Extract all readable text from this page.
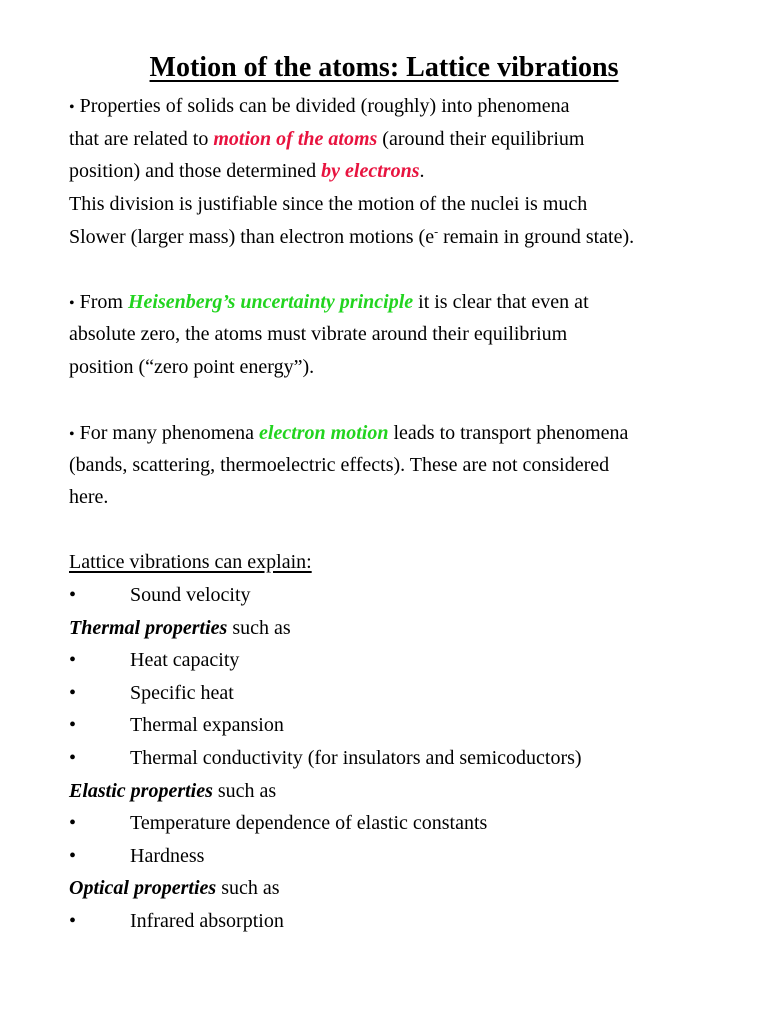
Motion of the atoms: Lattice vibrations
• Properties of solids can be divided (roughly) into phenomena
that are related to motion of the atoms (around their equilibrium
position) and those determined by electrons.
This division is justifiable since the motion of the nuclei is much
Slower (larger mass) than electron motions (e- remain in ground state).
• From Heisenberg’s uncertainty principle it is clear that even at
absolute zero, the atoms must vibrate around their equilibrium
position (“zero point energy”).
• For many phenomena electron motion leads to transport phenomena
(bands, scattering, thermoelectric effects). These are not considered
here.
Lattice vibrations can explain:
•	Sound velocity
Thermal properties such as
•	Heat capacity
•	Specific heat
•	Thermal expansion
•	Thermal conductivity (for insulators and semicoductors)
Elastic properties such as
•	Temperature dependence of elastic constants
•	Hardness
Optical properties such as
•	Infrared absorption
